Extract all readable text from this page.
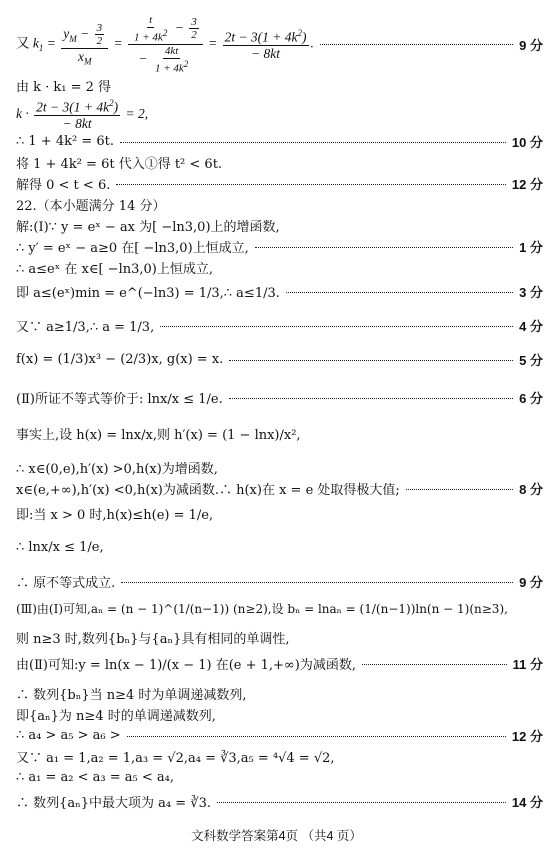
又 $k_1 = \frac{y_M - \frac{3}{2}}{x_M} = \frac{\frac{t}{1 + 4k^2} - \frac{3}{2}}{- \frac{4kt}{1 + 4k^2}} = \frac{2t - 3(1 + 4k^2)}{- 8kt}$ .	9 分
由 k · k₁ = 2 得
$k \cdot \frac{2t - 3(1 + 4k^2)}{- 8kt} = 2$,
∴ 1 + 4k² = 6t.	10 分
将 1 + 4k² = 6t 代入①得 t² < 6t.
解得 0 < t < 6.	12 分
22.（本小题满分 14 分）
解:(Ⅰ)∵ y = eˣ − ax 为[ −ln3,0)上的增函数,
∴ y′ = eˣ − a≥0 在[ −ln3,0)上恒成立,	1 分
∴ a≤eˣ 在 x∈[ −ln3,0)上恒成立,
即 a≤(eˣ)min = e^(−ln3) = 1/3,∴ a≤1/3.	3 分
又∵ a≥1/3,∴ a = 1/3,	4 分
f(x) = (1/3)x³ − (2/3)x, g(x) = x.	5 分
(Ⅱ)所证不等式等价于: lnx/x ≤ 1/e.	6 分
事实上,设 h(x) = lnx/x,则 h′(x) = (1 − lnx)/x²,
∴ x∈(0,e),h′(x) >0,h(x)为增函数,
x∈(e,+∞),h′(x) <0,h(x)为减函数.∴ h(x)在 x = e 处取得极大值;	8 分
即:当 x > 0 时,h(x)≤h(e) = 1/e,
∴ lnx/x ≤ 1/e,
∴ 原不等式成立.	9 分
(Ⅲ)由(Ⅰ)可知,aₙ = (n − 1)^(1/(n−1)) (n≥2),设 bₙ = lnaₙ = (1/(n−1))ln(n − 1)(n≥3),
则 n≥3 时,数列{bₙ}与{aₙ}具有相同的单调性,
由(Ⅱ)可知:y = ln(x − 1)/(x − 1) 在(e + 1,+∞)为减函数,	11 分
∴ 数列{bₙ}当 n≥4 时为单调递减数列,
即{aₙ}为 n≥4 时的单调递减数列,
∴ a₄ > a₅ > a₆ >	12 分
又∵ a₁ = 1,a₂ = 1,a₃ = √2,a₄ = ∛3,a₅ = ⁴√4 = √2,
∴ a₁ = a₂ < a₃ = a₅ < a₄,
∴ 数列{aₙ}中最大项为 a₄ = ∛3.	14 分
文科数学答案第4页 （共4 页）
